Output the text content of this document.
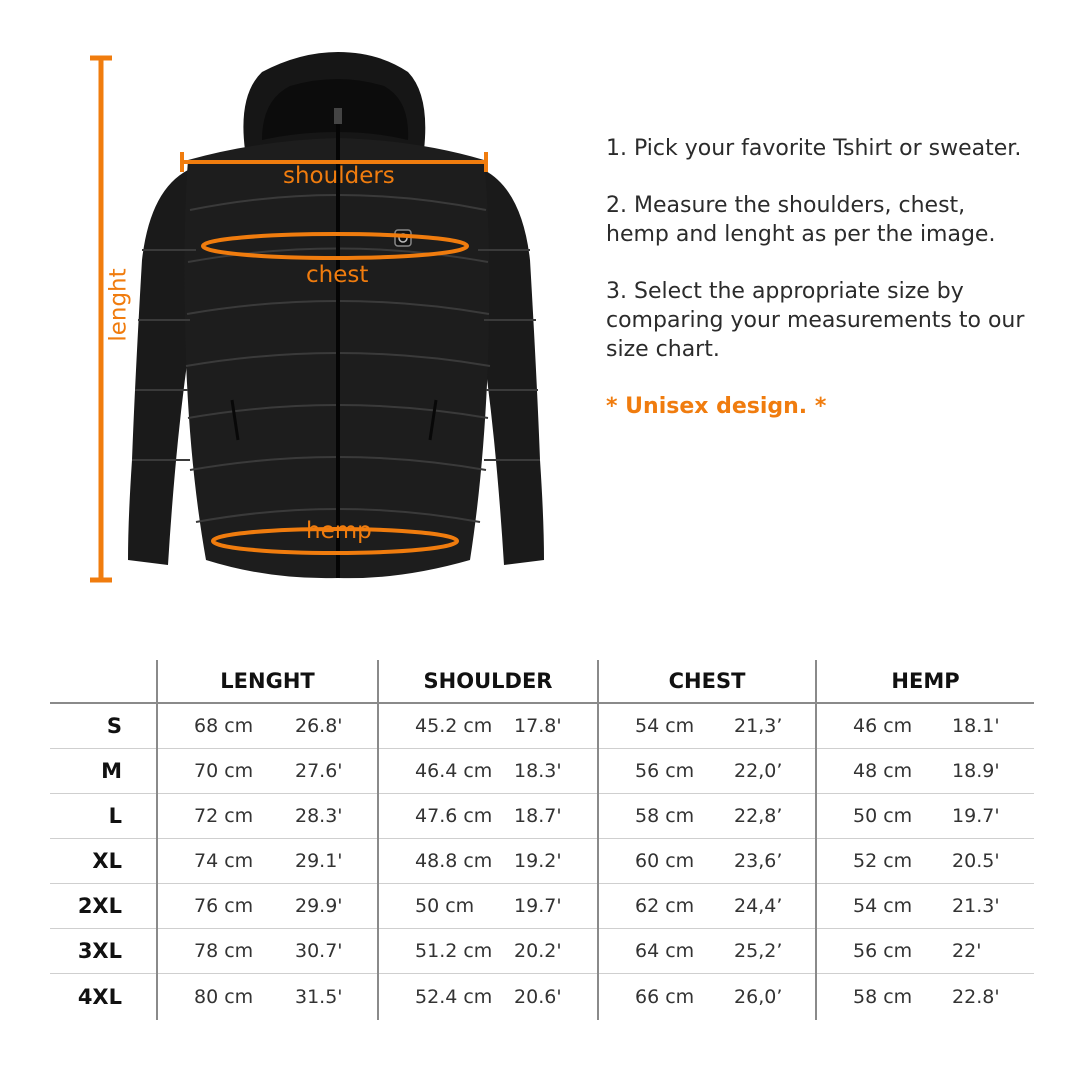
shoulders
chest
hemp
lenght

1. Pick your favorite Tshirt or sweater.

2. Measure the shoulders, chest, hemp and lenght as per the image.

3. Select the appropriate size by comparing your measurements to our size chart.

* Unisex design. *

	LENGHT		SHOULDER		CHEST		HEMP	
S	68 cm	26.8'	45.2 cm	17.8'	54 cm	21,3’	46 cm	18.1'
M	70 cm	27.6'	46.4 cm	18.3'	56 cm	22,0’	48 cm	18.9'
L	72 cm	28.3'	47.6 cm	18.7'	58 cm	22,8’	50 cm	19.7'
XL	74 cm	29.1'	48.8 cm	19.2'	60 cm	23,6’	52 cm	20.5'
2XL	76 cm	29.9'	50 cm	19.7'	62 cm	24,4’	54 cm	21.3'
3XL	78 cm	30.7'	51.2 cm	20.2'	64 cm	25,2’	56 cm	22'
4XL	80 cm	31.5'	52.4 cm	20.6'	66 cm	26,0’	58 cm	22.8'
